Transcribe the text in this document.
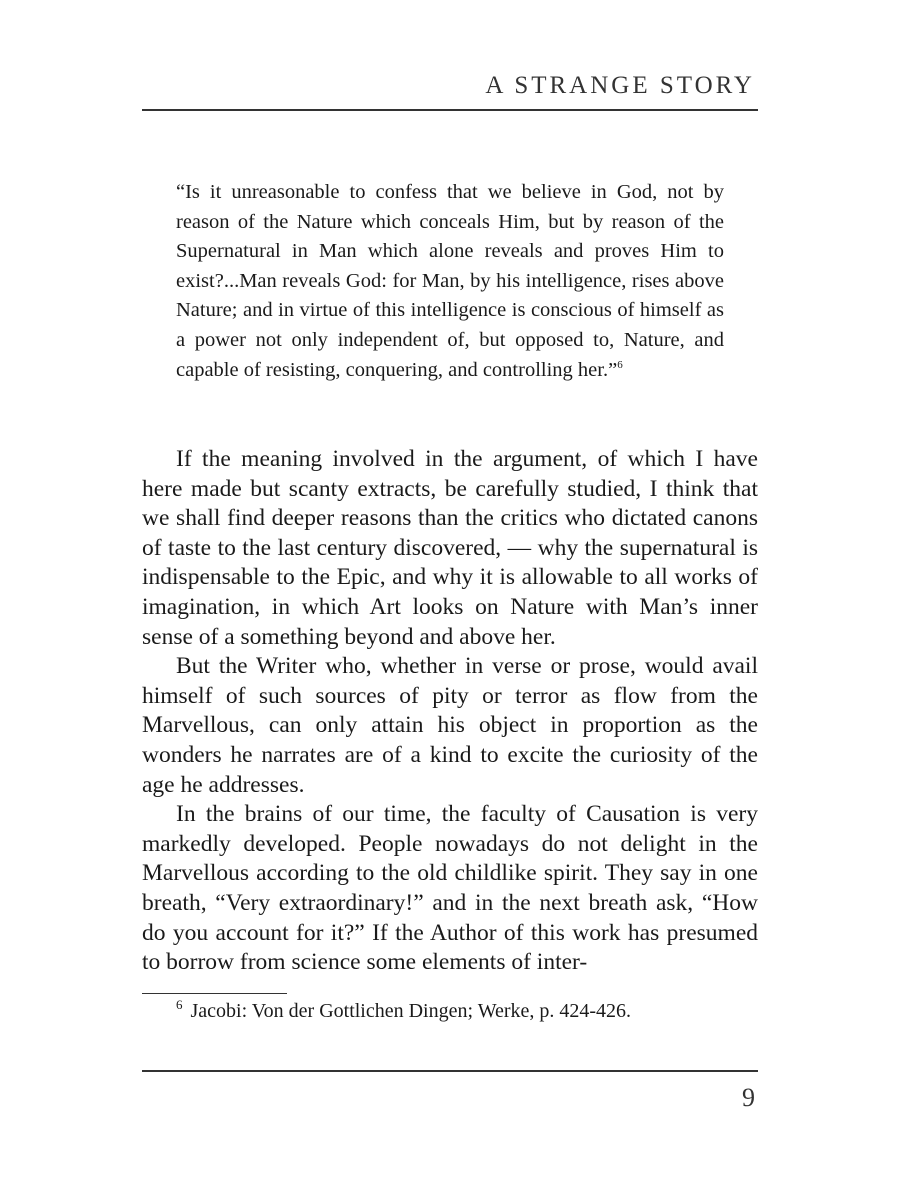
A STRANGE STORY
“Is it unreasonable to confess that we believe in God, not by reason of the Nature which conceals Him, but by reason of the Supernatural in Man which alone reveals and proves Him to exist?...Man reveals God: for Man, by his intelligence, rises above Nature; and in virtue of this intelligence is conscious of himself as a power not only independent of, but opposed to, Nature, and capable of resisting, conquering, and controlling her.”$^6$

If the meaning involved in the argument, of which I have here made but scanty extracts, be carefully studied, I think that we shall find deeper reasons than the critics who dictated canons of taste to the last century discovered, — why the supernatural is indispensable to the Epic, and why it is allowable to all works of imagination, in which Art looks on Nature with Man’s inner sense of a something beyond and above her.

But the Writer who, whether in verse or prose, would avail himself of such sources of pity or terror as flow from the Marvellous, can only attain his object in proportion as the wonders he narrates are of a kind to excite the curiosity of the age he addresses.

In the brains of our time, the faculty of Causation is very markedly developed. People nowadays do not delight in the Marvellous according to the old childlike spirit. They say in one breath, “Very extraordinary!” and in the next breath ask, “How do you account for it?” If the Author of this work has presumed to borrow from science some elements of inter-

$^6$ Jacobi: Von der Gottlichen Dingen; Werke, p. 424-426.
9
